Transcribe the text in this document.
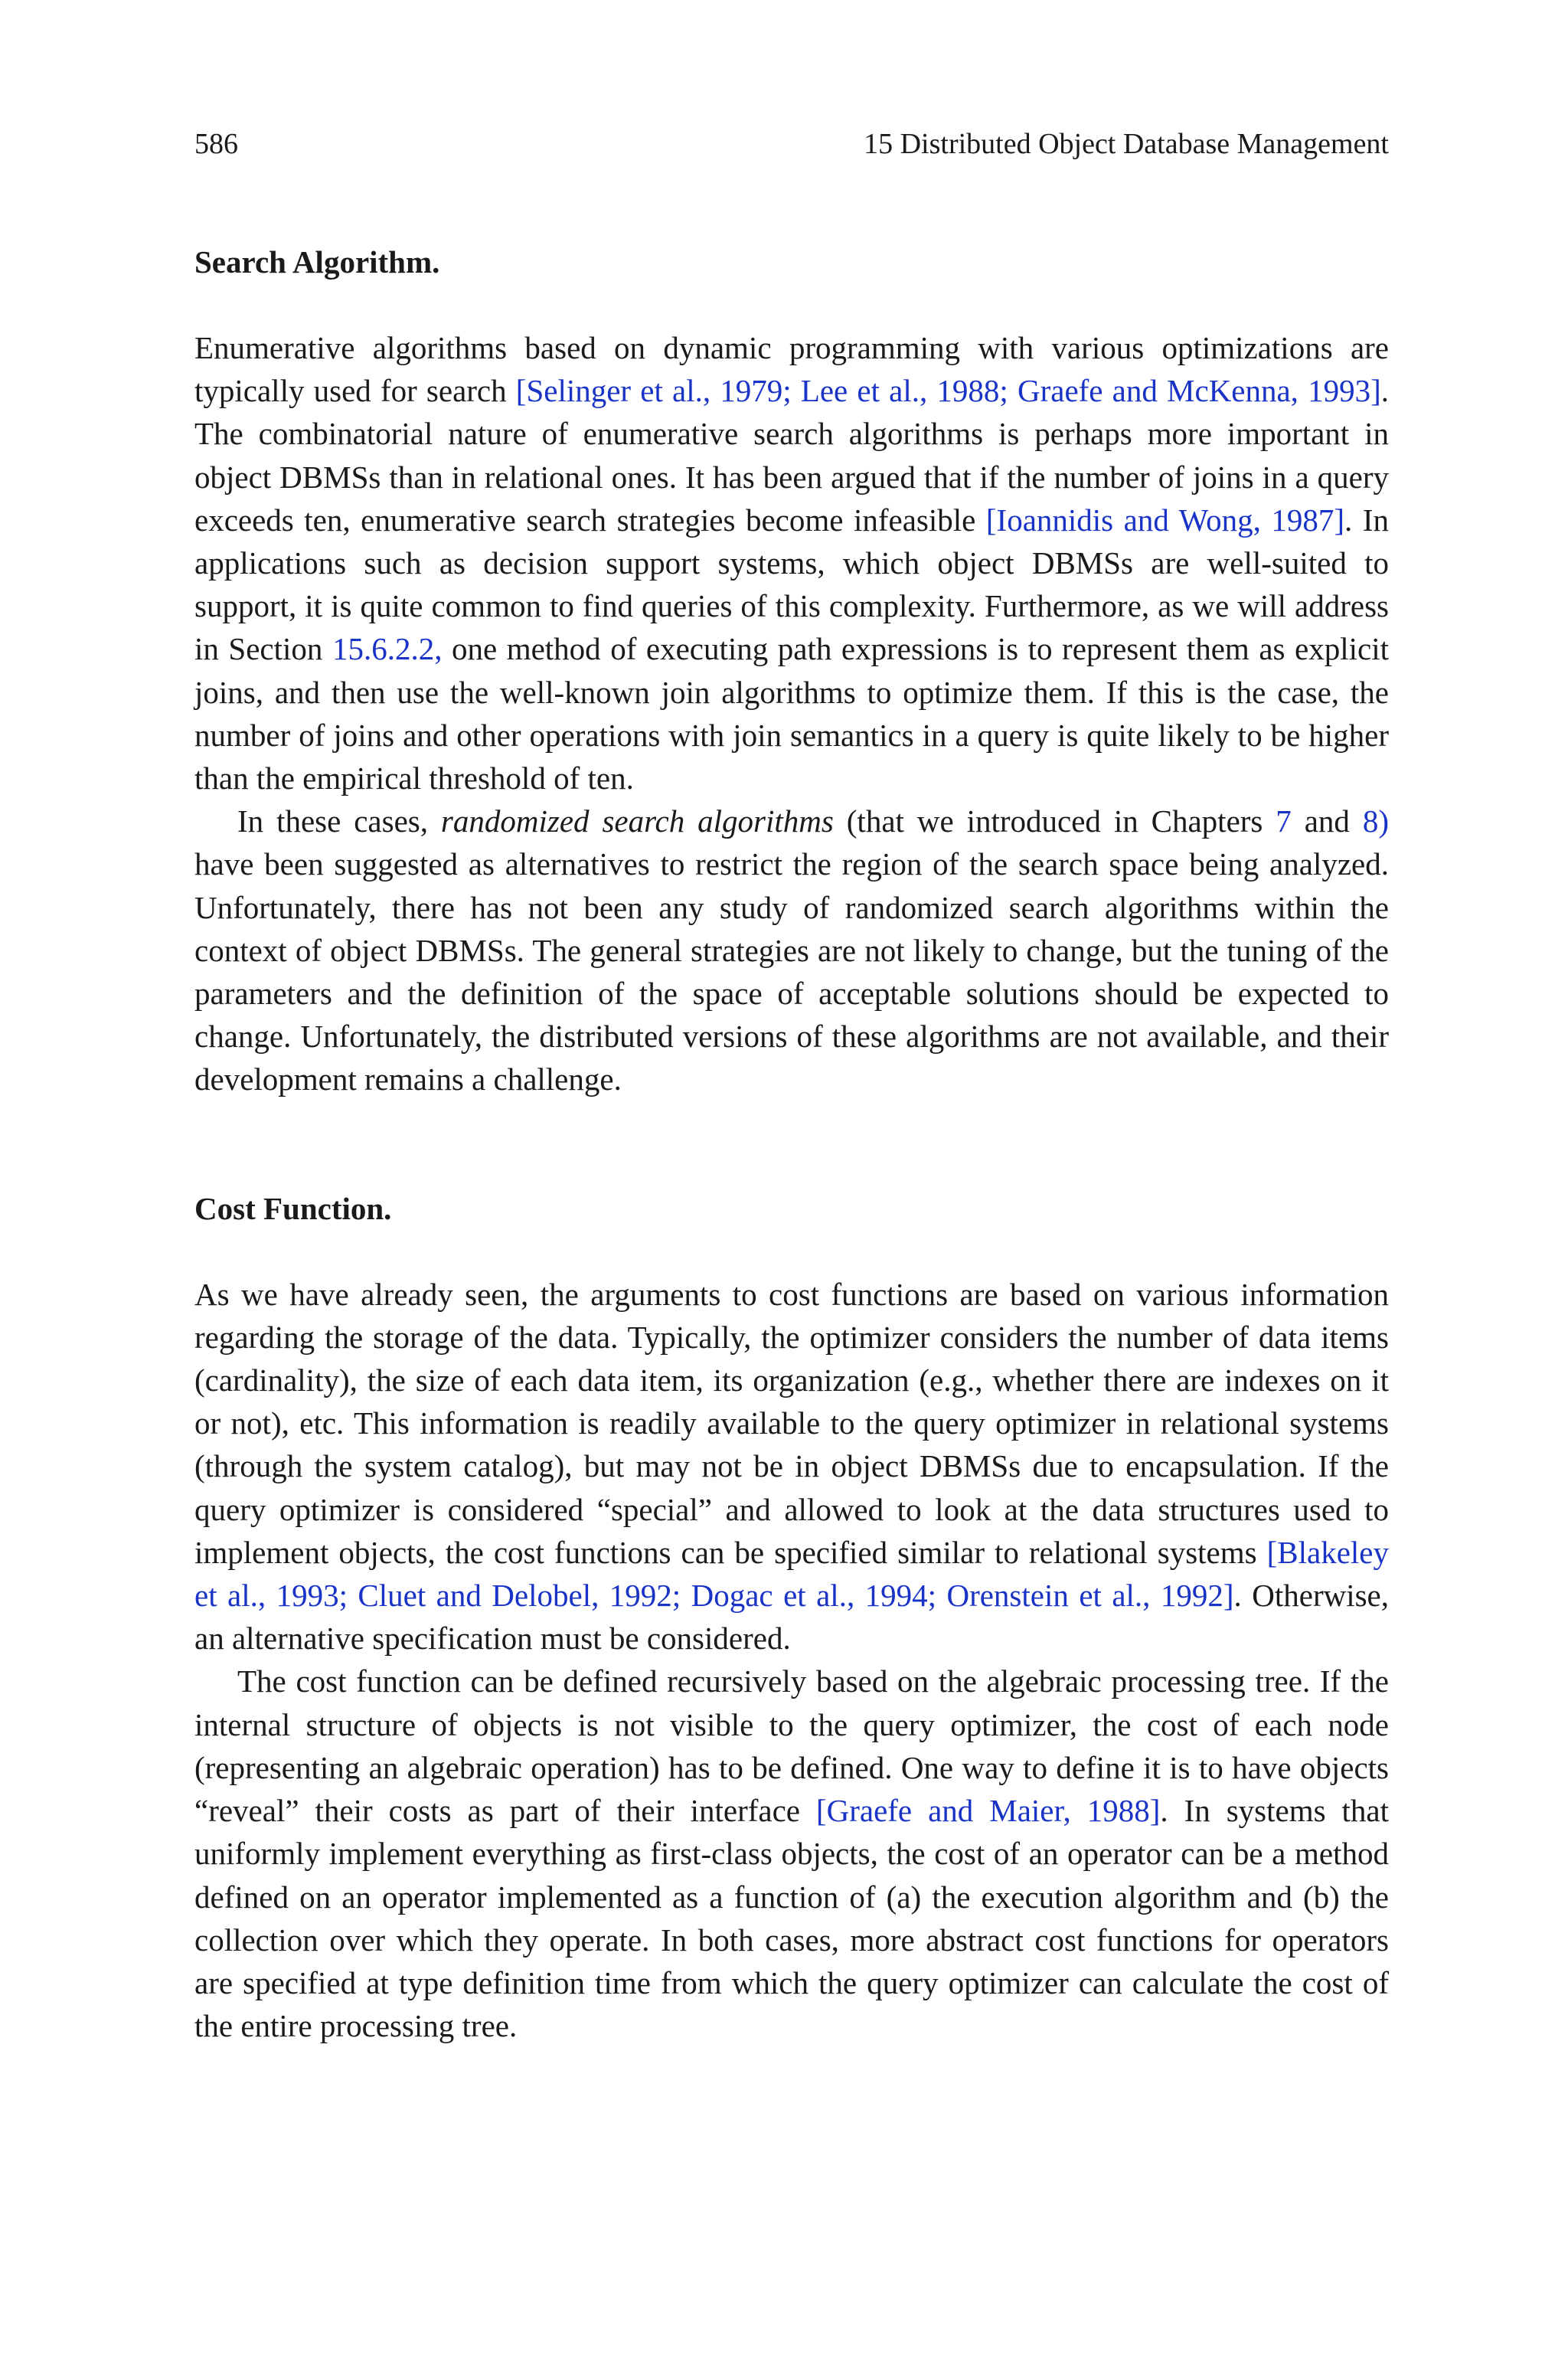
586	15 Distributed Object Database Management
Search Algorithm.

Enumerative algorithms based on dynamic programming with various optimizations are typically used for search [Selinger et al., 1979; Lee et al., 1988; Graefe and McKenna, 1993]. The combinatorial nature of enumerative search algorithms is perhaps more important in object DBMSs than in relational ones. It has been argued that if the number of joins in a query exceeds ten, enumerative search strategies become infeasible [Ioannidis and Wong, 1987]. In applications such as decision support systems, which object DBMSs are well-suited to support, it is quite common to find queries of this complexity. Furthermore, as we will address in Section 15.6.2.2, one method of executing path expressions is to represent them as explicit joins, and then use the well-known join algorithms to optimize them. If this is the case, the number of joins and other operations with join semantics in a query is quite likely to be higher than the empirical threshold of ten.

In these cases, randomized search algorithms (that we introduced in Chapters 7 and 8) have been suggested as alternatives to restrict the region of the search space being analyzed. Unfortunately, there has not been any study of randomized search algorithms within the context of object DBMSs. The general strategies are not likely to change, but the tuning of the parameters and the definition of the space of acceptable solutions should be expected to change. Unfortunately, the distributed versions of these algorithms are not available, and their development remains a challenge.

Cost Function.

As we have already seen, the arguments to cost functions are based on various information regarding the storage of the data. Typically, the optimizer considers the number of data items (cardinality), the size of each data item, its organization (e.g., whether there are indexes on it or not), etc. This information is readily available to the query optimizer in relational systems (through the system catalog), but may not be in object DBMSs due to encapsulation. If the query optimizer is considered “special” and allowed to look at the data structures used to implement objects, the cost functions can be specified similar to relational systems [Blakeley et al., 1993; Cluet and Delobel, 1992; Dogac et al., 1994; Orenstein et al., 1992]. Otherwise, an alternative specification must be considered.

The cost function can be defined recursively based on the algebraic processing tree. If the internal structure of objects is not visible to the query optimizer, the cost of each node (representing an algebraic operation) has to be defined. One way to define it is to have objects “reveal” their costs as part of their interface [Graefe and Maier, 1988]. In systems that uniformly implement everything as first-class objects, the cost of an operator can be a method defined on an operator implemented as a function of (a) the execution algorithm and (b) the collection over which they operate. In both cases, more abstract cost functions for operators are specified at type definition time from which the query optimizer can calculate the cost of the entire processing tree.
